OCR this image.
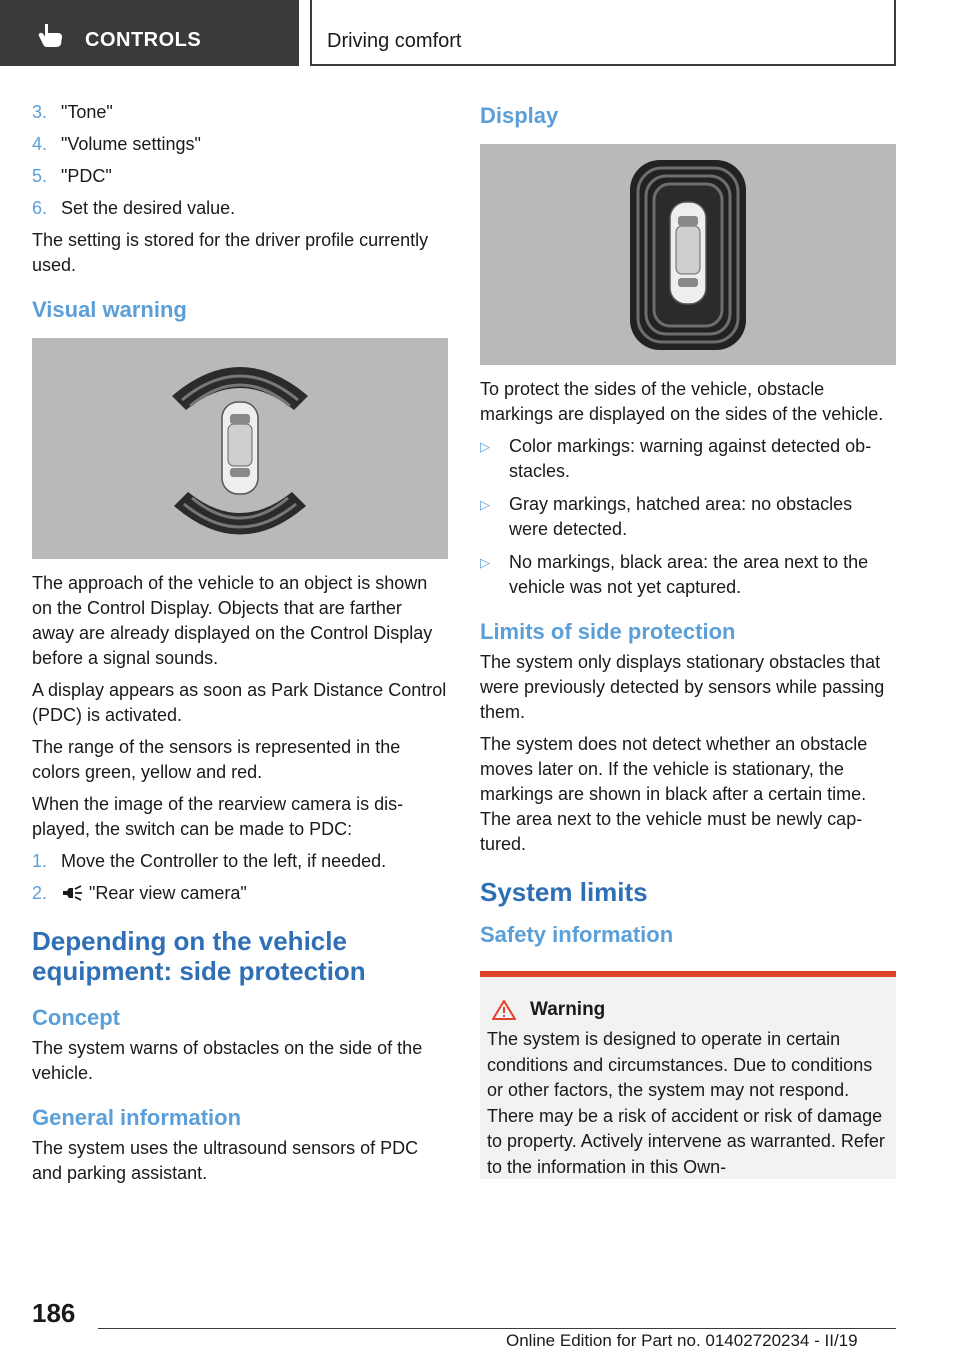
CONTROLS	Driving comfort
3. "Tone"
4. "Volume settings"
5. "PDC"
6. Set the desired value.

The setting is stored for the driver profile currently used.

Visual warning

The approach of the vehicle to an object is shown on the Control Display. Objects that are farther away are already displayed on the Control Display before a signal sounds.

A display appears as soon as Park Distance Control (PDC) is activated.

The range of the sensors is represented in the colors green, yellow and red.

When the image of the rearview camera is displayed, the switch can be made to PDC:

1. Move the Controller to the left, if needed.
2. "Rear view camera"
Depending on the vehicle equipment: side protection
Concept

The system warns of obstacles on the side of the vehicle.

General information

The system uses the ultrasound sensors of PDC and parking assistant.

Display

To protect the sides of the vehicle, obstacle markings are displayed on the sides of the vehicle.

▷ Color markings: warning against detected obstacles.
▷ Gray markings, hatched area: no obstacles were detected.
▷ No markings, black area: the area next to the vehicle was not yet captured.
Limits of side protection

The system only displays stationary obstacles that were previously detected by sensors while passing them.

The system does not detect whether an obstacle moves later on. If the vehicle is stationary, the markings are shown in black after a certain time. The area next to the vehicle must be newly captured.

System limits
Safety information
Warning

The system is designed to operate in certain conditions and circumstances. Due to conditions or other factors, the system may not respond. There may be a risk of accident or risk of damage to property. Actively intervene as warranted. Refer to the information in this Own-

186
Online Edition for Part no. 01402720234 - II/19
